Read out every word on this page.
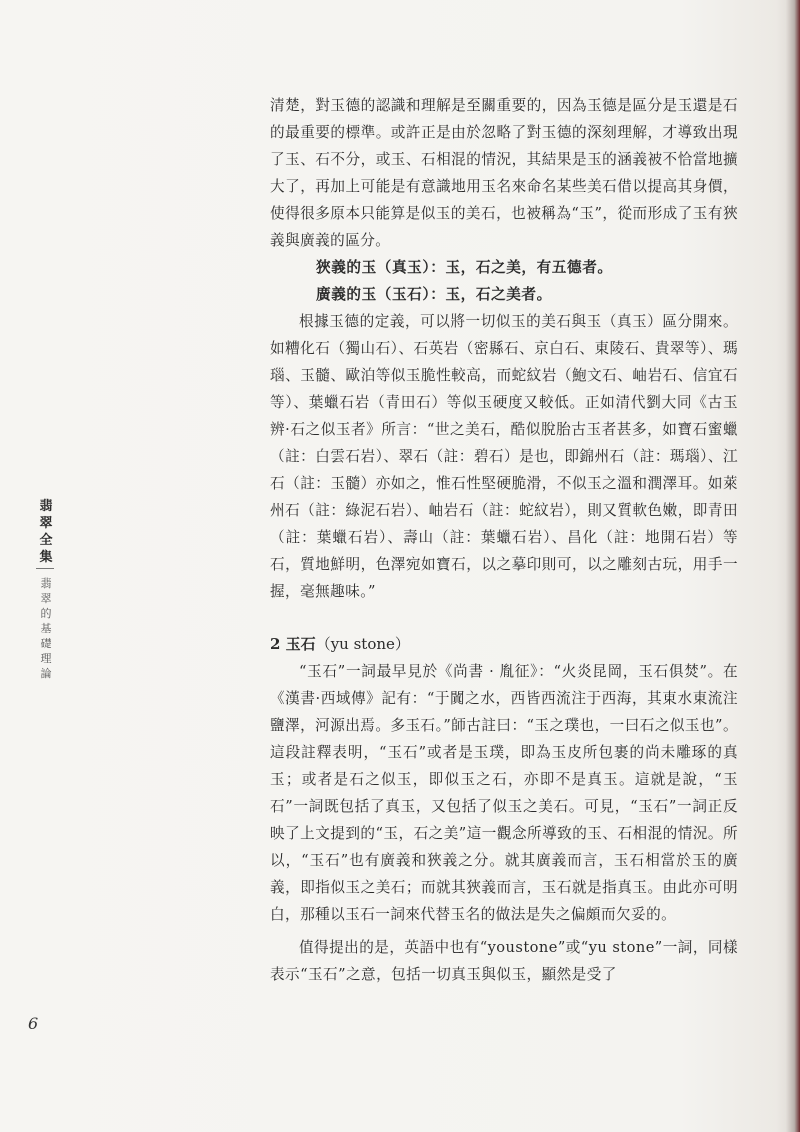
清楚，對玉德的認識和理解是至關重要的，因為玉德是區分是玉還是石的最重要的標準。或許正是由於忽略了對玉德的深刻理解，才導致出現了玉、石不分，或玉、石相混的情況，其結果是玉的涵義被不恰當地擴大了，再加上可能是有意識地用玉名來命名某些美石借以提高其身價，使得很多原本只能算是似玉的美石，也被稱為“玉”，從而形成了玉有狹義與廣義的區分。

狹義的玉（真玉）：玉，石之美，有五德者。

廣義的玉（玉石）：玉，石之美者。

根據玉德的定義，可以將一切似玉的美石與玉（真玉）區分開來。如糟化石（獨山石）、石英岩（密縣石、京白石、東陵石、貴翠等）、瑪瑙、玉髓、歐泊等似玉脆性較高，而蛇紋岩（鮑文石、岫岩石、信宜石等）、葉蠟石岩（青田石）等似玉硬度又較低。正如清代劉大同《古玉辨·石之似玉者》所言：“世之美石，酷似脫胎古玉者甚多，如寶石蜜蠟（註：白雲石岩）、翠石（註：碧石）是也，即錦州石（註：瑪瑙）、江石（註：玉髓）亦如之，惟石性堅硬脆滑，不似玉之溫和潤澤耳。如萊州石（註：綠泥石岩）、岫岩石（註：蛇紋岩），則又質軟色嫩，即青田（註：葉蠟石岩）、壽山（註：葉蠟石岩）、昌化（註：地開石岩）等石，質地鮮明，色澤宛如寶石，以之摹印則可，以之雕刻古玩，用手一握，毫無趣味。”

2 玉石（yu stone）

“玉石”一詞最早見於《尚書 · 胤征》：“火炎昆岡，玉石俱焚”。在《漢書·西域傳》記有：“于闐之水，西皆西流注于西海，其東水東流注鹽澤，河源出焉。多玉石。”師古註曰：“玉之璞也，一曰石之似玉也”。這段註釋表明，“玉石”或者是玉璞，即為玉皮所包裹的尚未雕琢的真玉；或者是石之似玉，即似玉之石，亦即不是真玉。這就是說，“玉石”一詞既包括了真玉，又包括了似玉之美石。可見，“玉石”一詞正反映了上文提到的“玉，石之美”這一觀念所導致的玉、石相混的情況。所以，“玉石”也有廣義和狹義之分。就其廣義而言，玉石相當於玉的廣義，即指似玉之美石；而就其狹義而言，玉石就是指真玉。由此亦可明白，那種以玉石一詞來代替玉名的做法是失之偏頗而欠妥的。

值得提出的是，英語中也有“youstone”或“yu stone”一詞，同樣表示“玉石”之意，包括一切真玉與似玉，顯然是受了

翡翠全集
翡翠的基礎理論
6
